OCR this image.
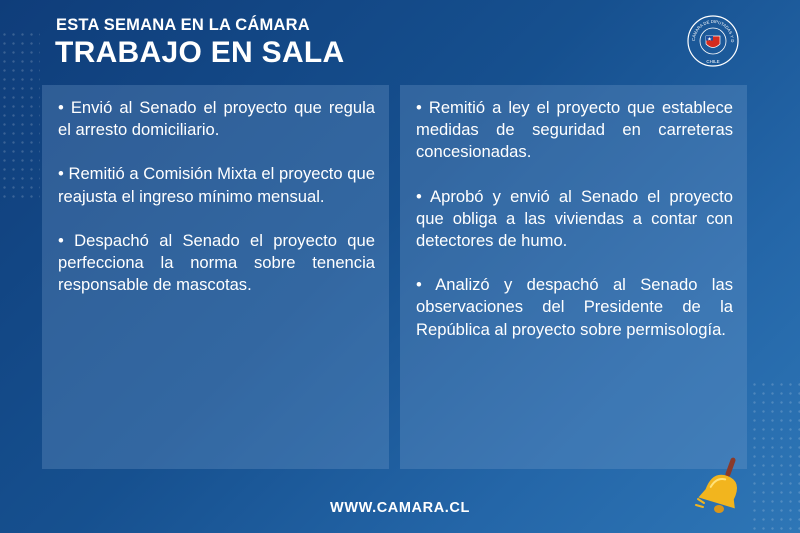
ESTA SEMANA EN LA CÁMARA
TRABAJO EN SALA	CÁMARA DE DIPUTADAS Y D
CHILE

• Envió al Senado el proyecto que regula el arresto domiciliario.

• Remitió a Comisión Mixta el proyecto que reajusta el ingreso mínimo mensual.

• Despachó al Senado el proyecto que perfecciona la norma sobre tenencia responsable de mascotas.

• Remitió a ley el proyecto que establece medidas de seguridad en carreteras concesionadas.

• Aprobó y envió al Senado el proyecto que obliga a las viviendas a contar con detectores de humo.

• Analizó y despachó al Senado las observaciones del Presidente de la República al proyecto sobre permisología.

WWW.CAMARA.CL
